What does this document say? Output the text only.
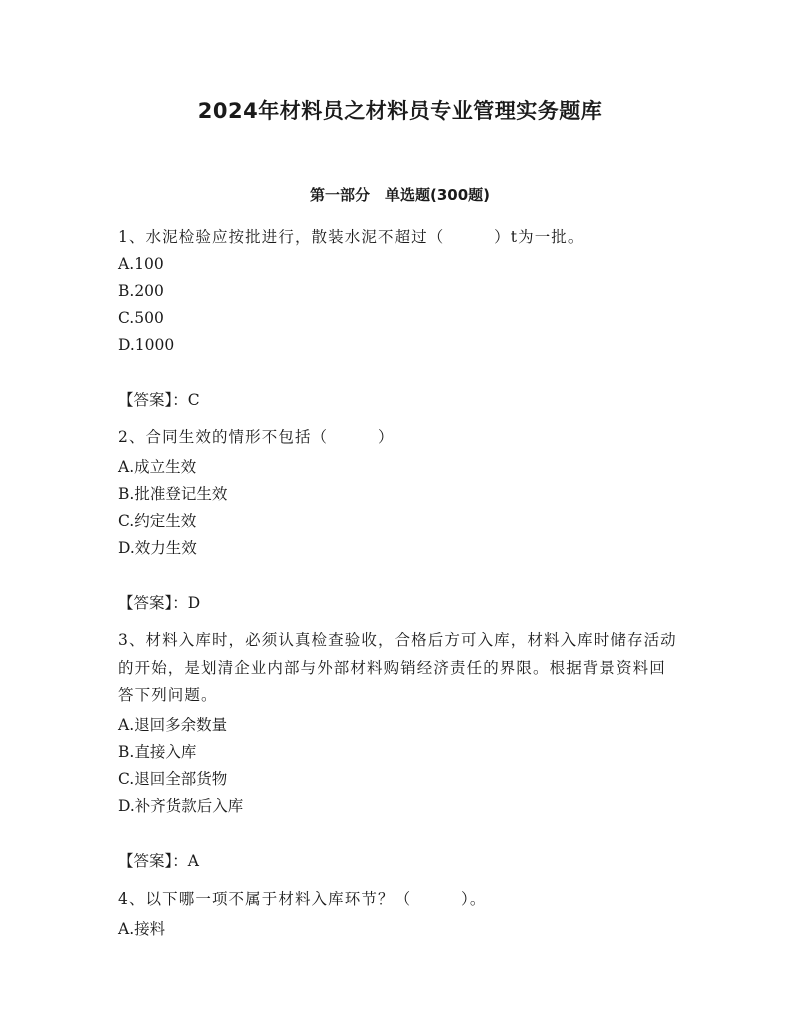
2024年材料员之材料员专业管理实务题库
第一部分　单选题(300题)
1、水泥检验应按批进行，散装水泥不超过（　　　）t为一批。
A.100
B.200
C.500
D.1000
【答案】：C
2、合同生效的情形不包括（　　　）
A.成立生效
B.批准登记生效
C.约定生效
D.效力生效
【答案】：D
3、材料入库时，必须认真检查验收，合格后方可入库，材料入库时储存活动的开始，是划清企业内部与外部材料购销经济责任的界限。根据背景资料回答下列问题。
A.退回多余数量
B.直接入库
C.退回全部货物
D.补齐货款后入库
【答案】：A
4、以下哪一项不属于材料入库环节？（　　　）。
A.接料
